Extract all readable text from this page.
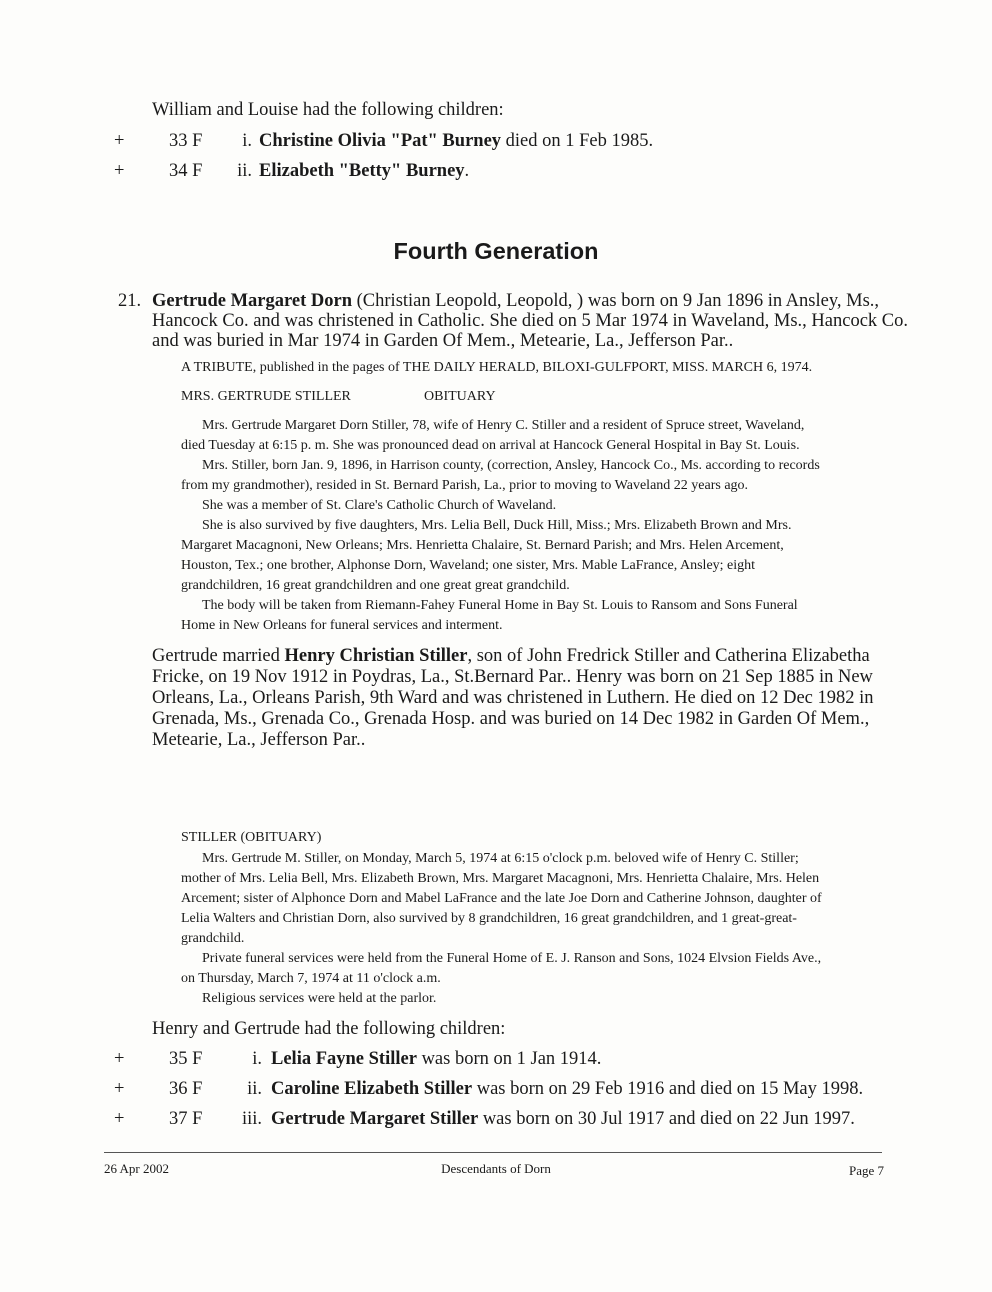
William and Louise had the following children:
+ 33 F	i. Christine Olivia "Pat" Burney died on 1 Feb 1985.
+ 34 F	ii. Elizabeth "Betty" Burney.
Fourth Generation
21. Gertrude Margaret Dorn (Christian Leopold, Leopold, ) was born on 9 Jan 1896 in Ansley, Ms.,
Hancock Co. and was christened in Catholic. She died on 5 Mar 1974 in Waveland, Ms., Hancock Co.
and was buried in Mar 1974 in Garden Of Mem., Metearie, La., Jefferson Par..
A TRIBUTE, published in the pages of THE DAILY HERALD, BILOXI-GULFPORT, MISS. MARCH 6, 1974.
MRS. GERTRUDE STILLER	OBITUARY
Mrs. Gertrude Margaret Dorn Stiller, 78, wife of Henry C. Stiller and a resident of Spruce street, Waveland,
died Tuesday at 6:15 p. m. She was pronounced dead on arrival at Hancock General Hospital in Bay St. Louis.
Mrs. Stiller, born Jan. 9, 1896, in Harrison county, (correction, Ansley, Hancock Co., Ms. according to records
from my grandmother), resided in St. Bernard Parish, La., prior to moving to Waveland 22 years ago.
She was a member of St. Clare's Catholic Church of Waveland.
She is also survived by five daughters, Mrs. Lelia Bell, Duck Hill, Miss.; Mrs. Elizabeth Brown and Mrs.
Margaret Macagnoni, New Orleans; Mrs. Henrietta Chalaire, St. Bernard Parish; and Mrs. Helen Arcement,
Houston, Tex.; one brother, Alphonse Dorn, Waveland; one sister, Mrs. Mable LaFrance, Ansley; eight
grandchildren, 16 great grandchildren and one great great grandchild.
The body will be taken from Riemann-Fahey Funeral Home in Bay St. Louis to Ransom and Sons Funeral
Home in New Orleans for funeral services and interment.
Gertrude married Henry Christian Stiller, son of John Fredrick Stiller and Catherina Elizabetha
Fricke, on 19 Nov 1912 in Poydras, La., St.Bernard Par.. Henry was born on 21 Sep 1885 in New
Orleans, La., Orleans Parish, 9th Ward and was christened in Luthern. He died on 12 Dec 1982 in
Grenada, Ms., Grenada Co., Grenada Hosp. and was buried on 14 Dec 1982 in Garden Of Mem.,
Metearie, La., Jefferson Par..
STILLER (OBITUARY)
Mrs. Gertrude M. Stiller, on Monday, March 5, 1974 at 6:15 o'clock p.m. beloved wife of Henry C. Stiller;
mother of Mrs. Lelia Bell, Mrs. Elizabeth Brown, Mrs. Margaret Macagnoni, Mrs. Henrietta Chalaire, Mrs. Helen
Arcement; sister of Alphonce Dorn and Mabel LaFrance and the late Joe Dorn and Catherine Johnson, daughter of
Lelia Walters and Christian Dorn, also survived by 8 grandchildren, 16 great grandchildren, and 1 great-great-
grandchild.
Private funeral services were held from the Funeral Home of E. J. Ranson and Sons, 1024 Elvsion Fields Ave.,
on Thursday, March 7, 1974 at 11 o'clock a.m.
Religious services were held at the parlor.
Henry and Gertrude had the following children:
+ 35 F	i. Lelia Fayne Stiller was born on 1 Jan 1914.
+ 36 F	ii. Caroline Elizabeth Stiller was born on 29 Feb 1916 and died on 15 May 1998.
+ 37 F	iii. Gertrude Margaret Stiller was born on 30 Jul 1917 and died on 22 Jun 1997.
26 Apr 2002	Descendants of Dorn	Page 7
